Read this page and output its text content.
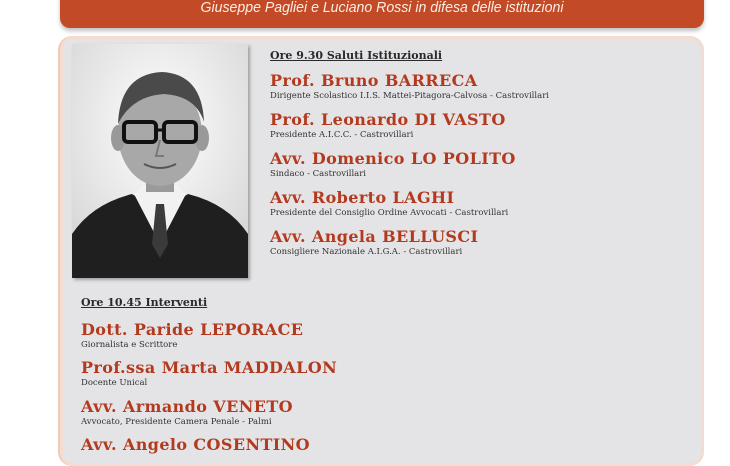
Giuseppe Pagliei e Luciano Rossi in difesa delle istituzioni
Ore 9.30 Saluti Istituzionali
Prof. Bruno BARRECA
Dirigente Scolastico I.I.S. Mattei-Pitagora-Calvosa - Castrovillari
Prof. Leonardo DI VASTO
Presidente A.I.C.C. - Castrovillari
Avv. Domenico LO POLITO
Sindaco - Castrovillari
Avv. Roberto LAGHI
Presidente del Consiglio Ordine Avvocati - Castrovillari
Avv. Angela BELLUSCI
Consigliere Nazionale A.I.G.A. - Castrovillari
Ore 10.45 Interventi
Dott. Paride LEPORACE
Giornalista e Scrittore
Prof.ssa Marta MADDALON
Docente Unical
Avv. Armando VENETO
Avvocato, Presidente Camera Penale - Palmi
Avv. Angelo COSENTINO
